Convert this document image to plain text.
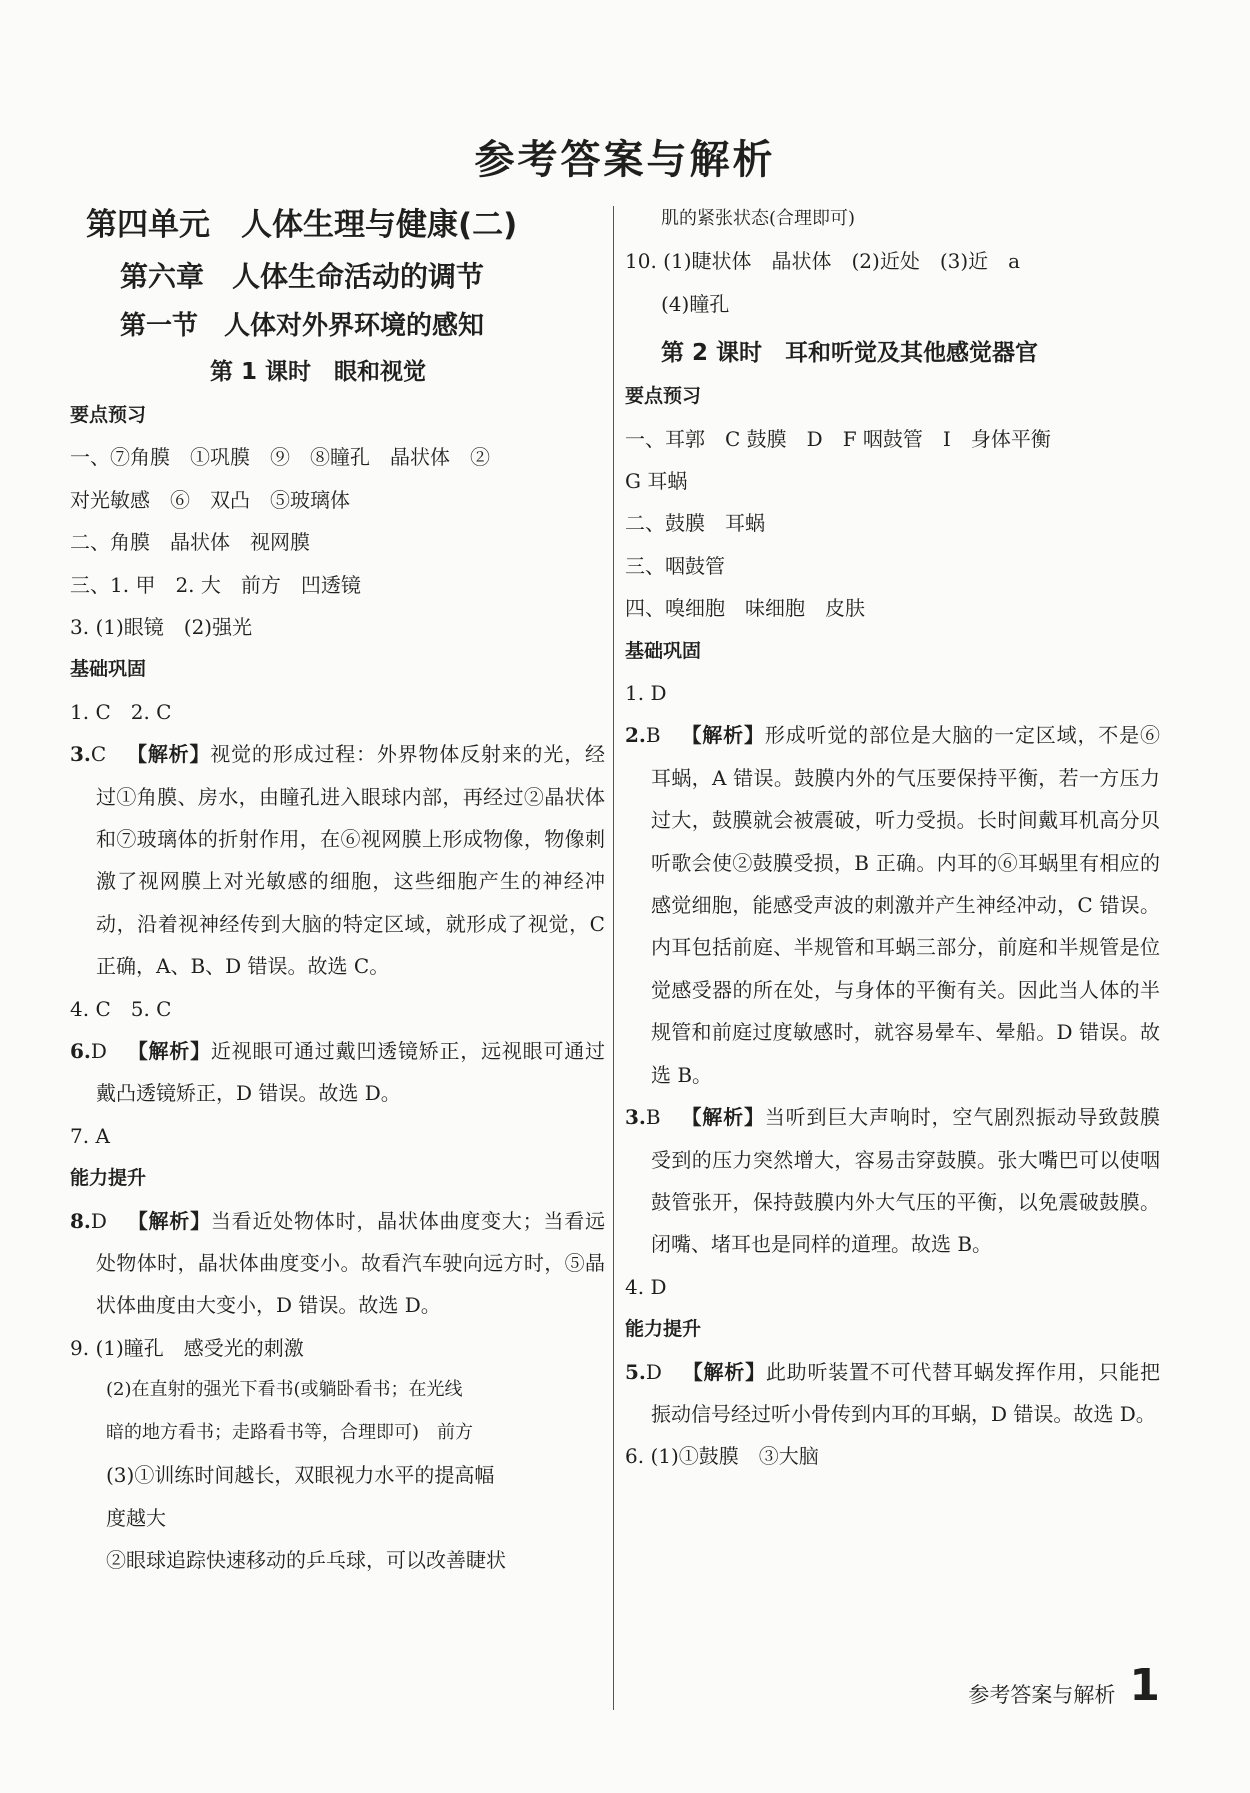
参考答案与解析
第四单元　人体生理与健康(二)
第六章　人体生命活动的调节
第一节　人体对外界环境的感知
第 1 课时　眼和视觉
要点预习
一、⑦角膜　①巩膜　⑨　⑧瞳孔　晶状体　②
对光敏感　⑥　双凸　⑤玻璃体
二、角膜　晶状体　视网膜
三、1. 甲　2. 大　前方　凹透镜
3. (1)眼镜　(2)强光
基础巩固
1. C　2. C
3.C  【解析】视觉的形成过程：外界物体反射来的光，经过①角膜、房水，由瞳孔进入眼球内部，再经过②晶状体和⑦玻璃体的折射作用，在⑥视网膜上形成物像，物像刺激了视网膜上对光敏感的细胞，这些细胞产生的神经冲动，沿着视神经传到大脑的特定区域，就形成了视觉，C 正确，A、B、D 错误。故选 C。
4. C　5. C
6.D  【解析】近视眼可通过戴凹透镜矫正，远视眼可通过戴凸透镜矫正，D 错误。故选 D。
7. A
能力提升
8.D  【解析】当看近处物体时，晶状体曲度变大；当看远处物体时，晶状体曲度变小。故看汽车驶向远方时，⑤晶状体曲度由大变小，D 错误。故选 D。
9. (1)瞳孔　感受光的刺激
(2)在直射的强光下看书(或躺卧看书；在光线
暗的地方看书；走路看书等，合理即可)　前方
(3)①训练时间越长，双眼视力水平的提高幅
度越大
②眼球追踪快速移动的乒乓球，可以改善睫状
肌的紧张状态(合理即可)
10. (1)睫状体　晶状体　(2)近处　(3)近　a
(4)瞳孔
第 2 课时　耳和听觉及其他感觉器官
要点预习
一、耳郭　C 鼓膜　D　F 咽鼓管　I　身体平衡
G 耳蜗
二、鼓膜　耳蜗
三、咽鼓管
四、嗅细胞　味细胞　皮肤
基础巩固
1. D
2.B  【解析】形成听觉的部位是大脑的一定区域，不是⑥耳蜗，A 错误。鼓膜内外的气压要保持平衡，若一方压力过大，鼓膜就会被震破，听力受损。长时间戴耳机高分贝听歌会使②鼓膜受损，B 正确。内耳的⑥耳蜗里有相应的感觉细胞，能感受声波的刺激并产生神经冲动，C 错误。内耳包括前庭、半规管和耳蜗三部分，前庭和半规管是位觉感受器的所在处，与身体的平衡有关。因此当人体的半规管和前庭过度敏感时，就容易晕车、晕船。D 错误。故选 B。
3.B  【解析】当听到巨大声响时，空气剧烈振动导致鼓膜受到的压力突然增大，容易击穿鼓膜。张大嘴巴可以使咽鼓管张开，保持鼓膜内外大气压的平衡，以免震破鼓膜。闭嘴、堵耳也是同样的道理。故选 B。
4. D
能力提升
5.D  【解析】此助听装置不可代替耳蜗发挥作用，只能把振动信号经过听小骨传到内耳的耳蜗，D 错误。故选 D。
6. (1)①鼓膜　③大脑
参考答案与解析 1
